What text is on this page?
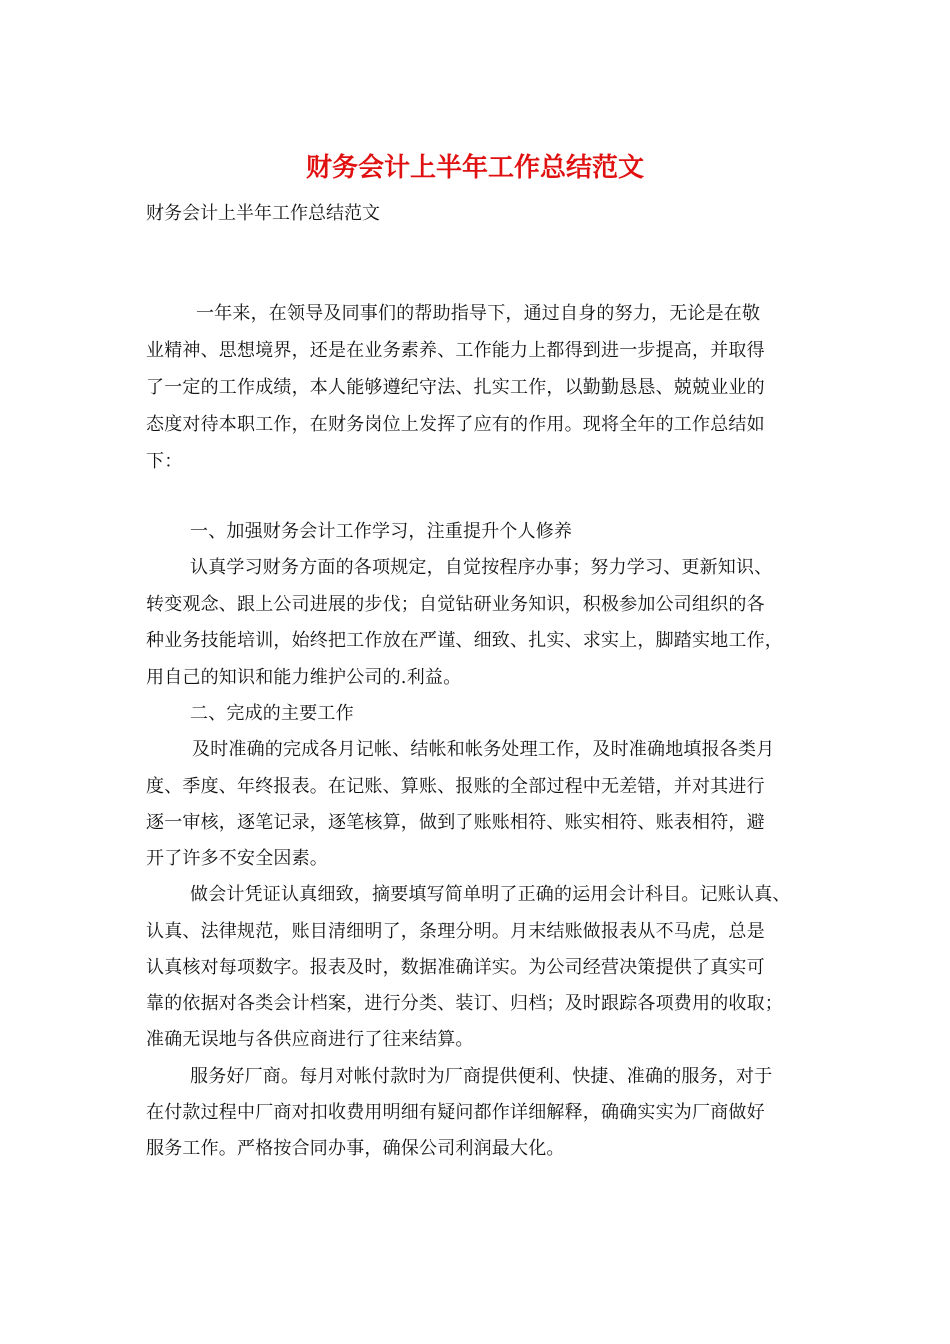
财务会计上半年工作总结范文
财务会计上半年工作总结范文
一年来，在领导及同事们的帮助指导下，通过自身的努力，无论是在敬
业精神、思想境界，还是在业务素养、工作能力上都得到进一步提高，并取得
了一定的工作成绩，本人能够遵纪守法、扎实工作，以勤勤恳恳、兢兢业业的
态度对待本职工作，在财务岗位上发挥了应有的作用。现将全年的工作总结如
下：
一、加强财务会计工作学习，注重提升个人修养
认真学习财务方面的各项规定，自觉按程序办事；努力学习、更新知识、
转变观念、跟上公司进展的步伐；自觉钻研业务知识，积极参加公司组织的各
种业务技能培训，始终把工作放在严谨、细致、扎实、求实上，脚踏实地工作，
用自己的知识和能力维护公司的.利益。
二、完成的主要工作
及时准确的完成各月记帐、结帐和帐务处理工作，及时准确地填报各类月
度、季度、年终报表。在记账、算账、报账的全部过程中无差错，并对其进行
逐一审核，逐笔记录，逐笔核算，做到了账账相符、账实相符、账表相符，避
开了许多不安全因素。
做会计凭证认真细致，摘要填写简单明了正确的运用会计科目。记账认真、
认真、法律规范，账目清细明了，条理分明。月末结账做报表从不马虎，总是
认真核对每项数字。报表及时，数据准确详实。为公司经营决策提供了真实可
靠的依据对各类会计档案，进行分类、装订、归档；及时跟踪各项费用的收取；
准确无误地与各供应商进行了往来结算。
服务好厂商。每月对帐付款时为厂商提供便利、快捷、准确的服务，对于
在付款过程中厂商对扣收费用明细有疑问都作详细解释，确确实实为厂商做好
服务工作。严格按合同办事，确保公司利润最大化。
